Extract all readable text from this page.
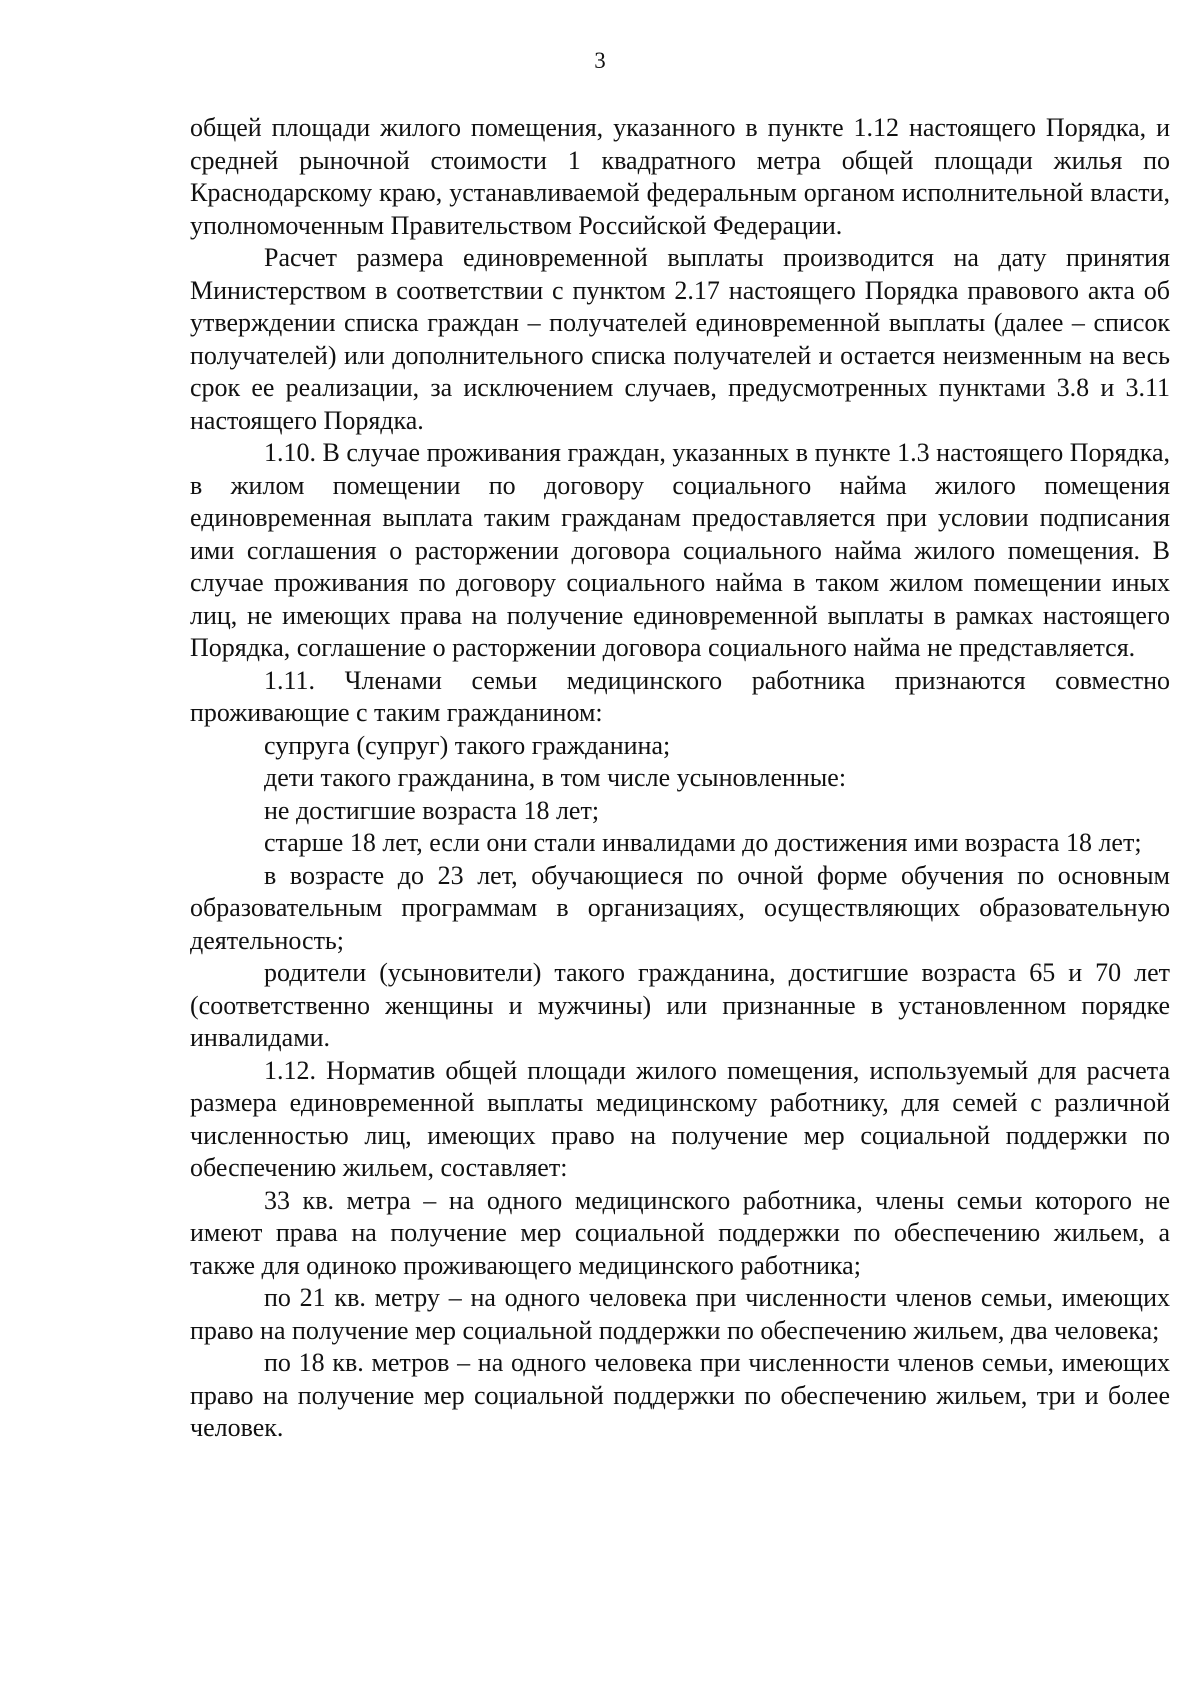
3

общей площади жилого помещения, указанного в пункте 1.12 настоящего Порядка, и средней рыночной стоимости 1 квадратного метра общей площади жилья по Краснодарскому краю, устанавливаемой федеральным органом исполнительной власти, уполномоченным Правительством Российской Федерации.

Расчет размера единовременной выплаты производится на дату принятия Министерством в соответствии с пунктом 2.17 настоящего Порядка правового акта об утверждении списка граждан – получателей единовременной выплаты (далее – список получателей) или дополнительного списка получателей и остается неизменным на весь срок ее реализации, за исключением случаев, предусмотренных пунктами 3.8 и 3.11 настоящего Порядка.

1.10. В случае проживания граждан, указанных в пункте 1.3 настоящего Порядка, в жилом помещении по договору социального найма жилого помещения единовременная выплата таким гражданам предоставляется при условии подписания ими соглашения о расторжении договора социального найма жилого помещения. В случае проживания по договору социального найма в таком жилом помещении иных лиц, не имеющих права на получение единовременной выплаты в рамках настоящего Порядка, соглашение о расторжении договора социального найма не представляется.

1.11. Членами семьи медицинского работника признаются совместно проживающие с таким гражданином:

супруга (супруг) такого гражданина;

дети такого гражданина, в том числе усыновленные:

не достигшие возраста 18 лет;

старше 18 лет, если они стали инвалидами до достижения ими возраста 18 лет;

в возрасте до 23 лет, обучающиеся по очной форме обучения по основным образовательным программам в организациях, осуществляющих образовательную деятельность;

родители (усыновители) такого гражданина, достигшие возраста 65 и 70 лет (соответственно женщины и мужчины) или признанные в установленном порядке инвалидами.

1.12. Норматив общей площади жилого помещения, используемый для расчета размера единовременной выплаты медицинскому работнику, для семей с различной численностью лиц, имеющих право на получение мер социальной поддержки по обеспечению жильем, составляет:

33 кв. метра – на одного медицинского работника, члены семьи которого не имеют права на получение мер социальной поддержки по обеспечению жильем, а также для одиноко проживающего медицинского работника;

по 21 кв. метру – на одного человека при численности членов семьи, имеющих право на получение мер социальной поддержки по обеспечению жильем, два человека;

по 18 кв. метров – на одного человека при численности членов семьи, имеющих право на получение мер социальной поддержки по обеспечению жильем, три и более человек.
